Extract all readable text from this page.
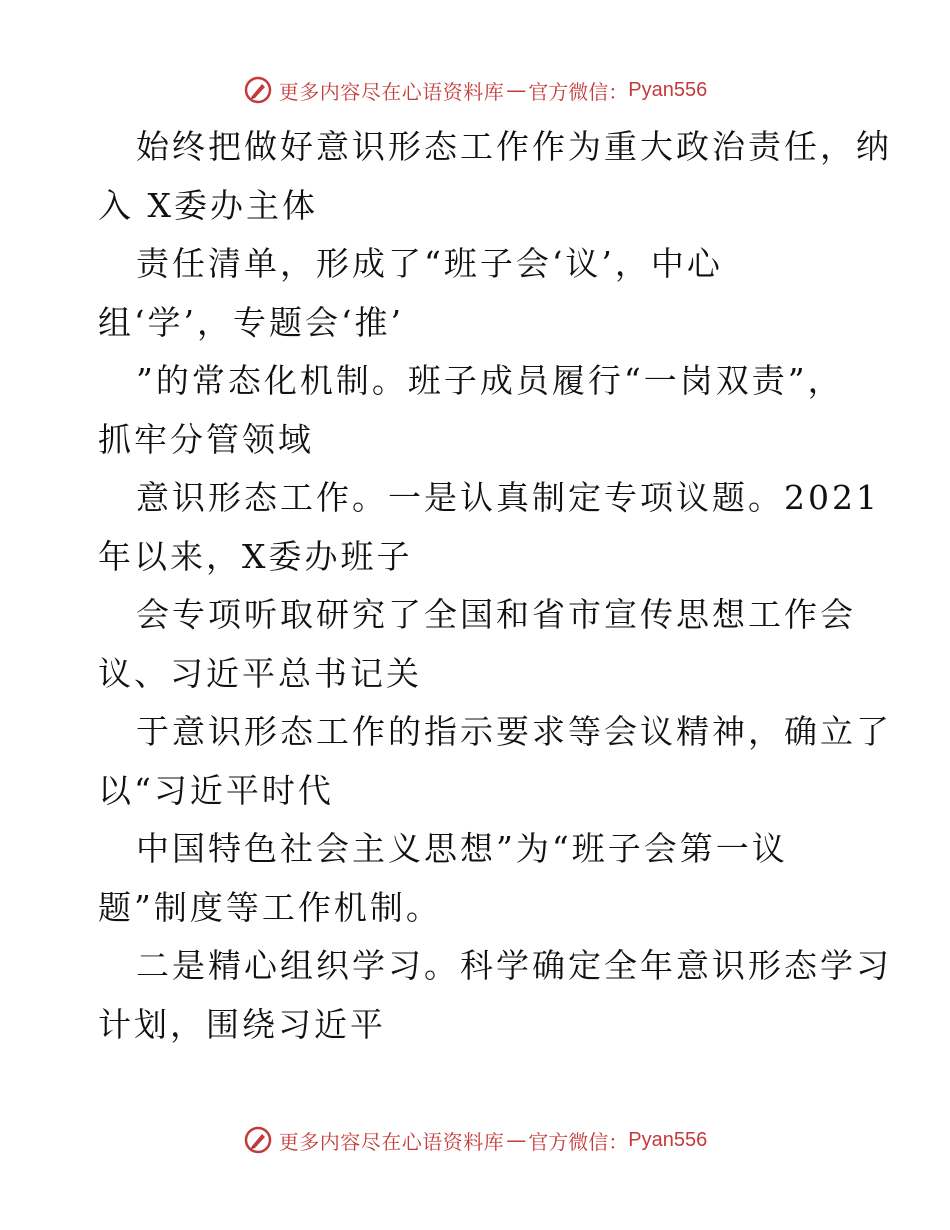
更多内容尽在心语资料库 — 官方微信： Pyan556
始终把做好意识形态工作作为重大政治责任，纳
入 X委办主体
责任清单，形成了“班子会‘议’，中心
组‘学’，专题会‘推’
”的常态化机制。班子成员履行“一岗双责”，
抓牢分管领域
意识形态工作。一是认真制定专项议题。2021
年以来，X委办班子
会专项听取研究了全国和省市宣传思想工作会
议、习近平总书记关
于意识形态工作的指示要求等会议精神，确立了
以“习近平时代
中国特色社会主义思想”为“班子会第一议
题”制度等工作机制。
二是精心组织学习。科学确定全年意识形态学习
计划，围绕习近平
更多内容尽在心语资料库 — 官方微信： Pyan556
